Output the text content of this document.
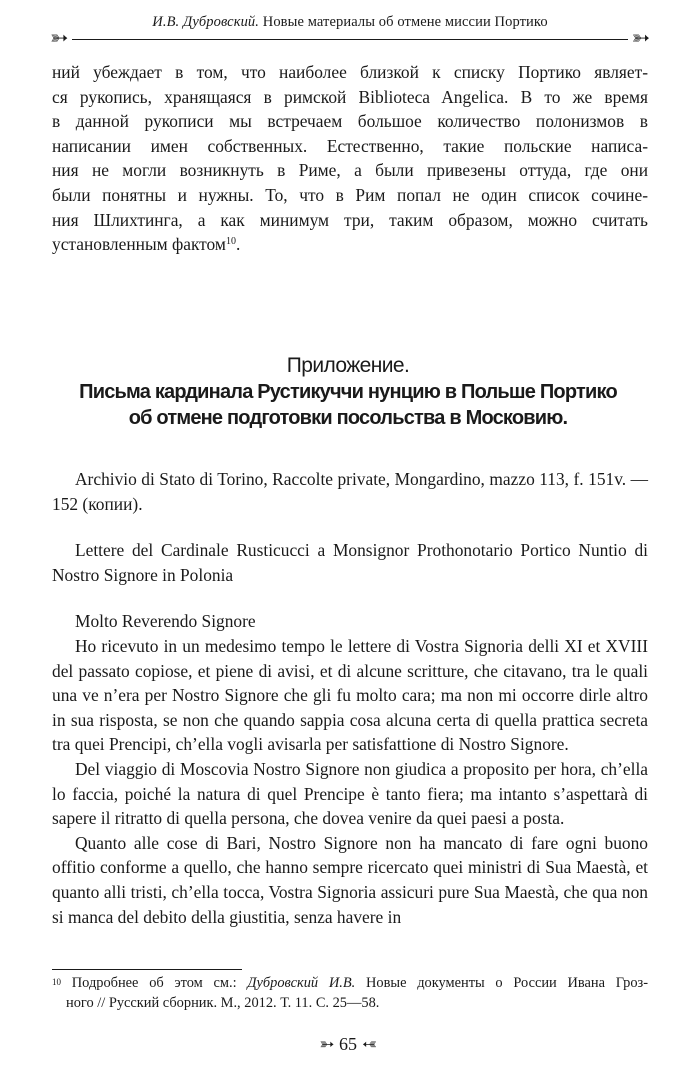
➳
И.В. Дубровский. Новые материалы об отмене миссии Портико
➳
ний убеждает в том, что наиболее близкой к списку Портико являет-
ся рукопись, хранящаяся в римской Biblioteca Angelica. В то же время
в данной рукописи мы встречаем большое количество полонизмов в
написании имен собственных. Естественно, такие польские написа-
ния не могли возникнуть в Риме, а были привезены оттуда, где они
были понятны и нужны. То, что в Рим попал не один список сочине-
ния Шлихтинга, а как минимум три, таким образом, можно считать
установленным фактом$^{10}$.
Приложение.
Письма кардинала Рустикуччи нунцию в Польше Портико
об отмене подготовки посольства в Московию.

Archivio di Stato di Torino, Raccolte private, Mongardino, mazzo 113, f. 151v. —152 (копии).

Lettere del Cardinale Rusticucci a Monsignor Prothonotario Portico Nuntio di Nostro Signore in Polonia

Molto Reverendo Signore

Ho ricevuto in un medesimo tempo le lettere di Vostra Signoria delli XI et XVIII del passato copiose, et piene di avisi, et di alcune scritture, che citavano, tra le quali una ve n’era per Nostro Signore che gli fu molto cara; ma non mi occorre dirle altro in sua risposta, se non che quando sappia cosa alcuna certa di quella prattica secreta tra quei Prencipi, ch’ella vogli avisarla per satisfattione di Nostro Signore.

Del viaggio di Moscovia Nostro Signore non giudica a proposito per hora, ch’ella lo faccia, poiché la natura di quel Prencipe è tanto fiera; ma intanto s’aspettarà di sapere il ritratto di quella persona, che dovea venire da quei paesi a posta.

Quanto alle cose di Bari, Nostro Signore non ha mancato di fare ogni buono offitio conforme a quello, che hanno sempre ricercato quei ministri di Sua Maestà, et quanto alli tristi, ch’ella tocca, Vostra Signoria assicuri pure Sua Maestà, che qua non si manca del debito della giustitia, senza havere in

$^{10}$ Подробнее об этом см.: Дубровский И.В. Новые документы о России Ивана Гроз-
ного // Русский сборник. М., 2012. Т. 11. С. 25—58.
➳ 65 ➳
